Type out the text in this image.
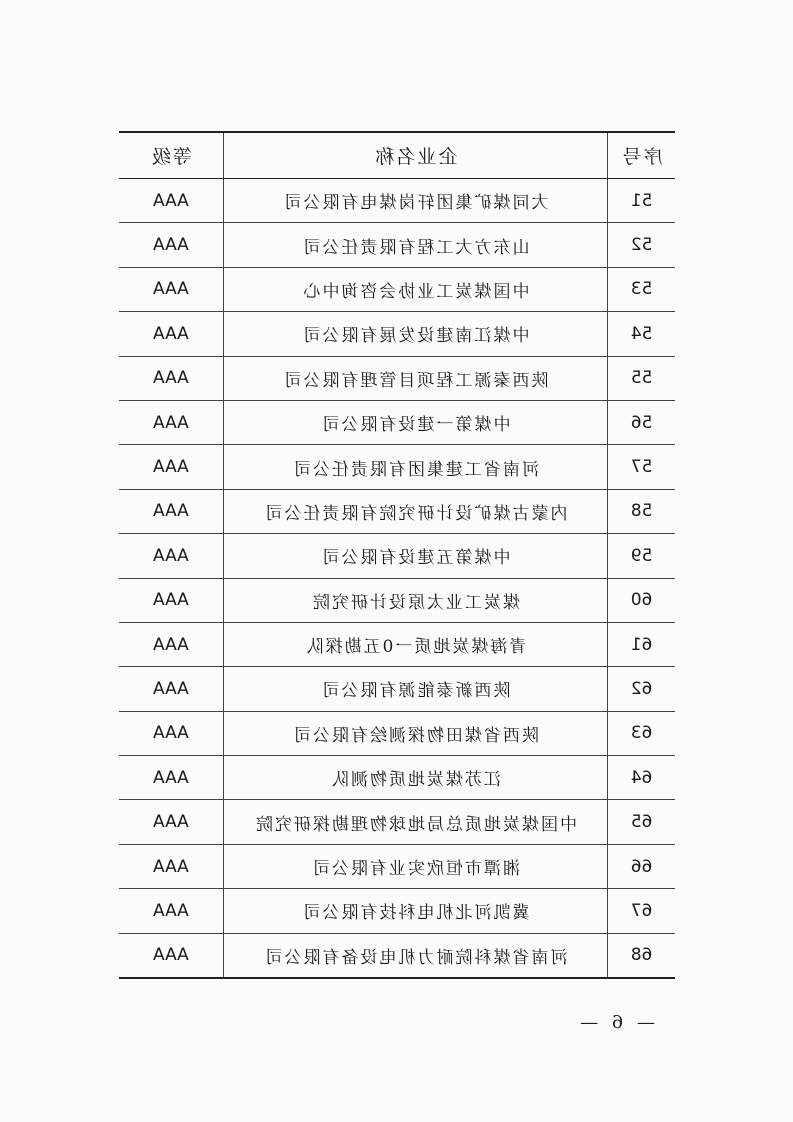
序号	企业名称	等级
51	大同煤矿集团轩岗煤电有限公司	AAA
52	山东方大工程有限责任公司	AAA
53	中国煤炭工业协会咨询中心	AAA
54	中煤江南建设发展有限公司	AAA
55	陕西秦源工程项目管理有限公司	AAA
56	中煤第一建设有限公司	AAA
57	河南省工建集团有限责任公司	AAA
58	内蒙古煤矿设计研究院有限责任公司	AAA
59	中煤第五建设有限公司	AAA
60	煤炭工业太原设计研究院	AAA
61	青海煤炭地质一0五勘探队	AAA
62	陕西新泰能源有限公司	AAA
63	陕西省煤田物探测绘有限公司	AAA
64	江苏煤炭地质物测队	AAA
65	中国煤炭地质总局地球物理勘探研究院	AAA
66	湘潭市恒欣实业有限公司	AAA
67	冀凯河北机电科技有限公司	AAA
68	河南省煤科院耐力机电设备有限公司	AAA
— 6 —
